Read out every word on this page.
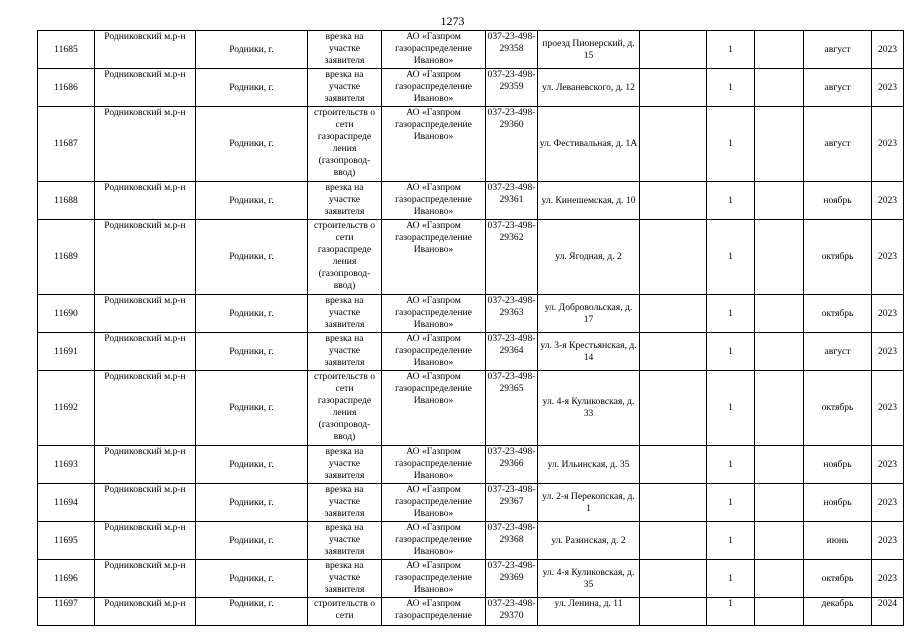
1273
11685	Родниковский м.р-н	Родники, г.	врезка на участке заявителя	АО «Газпром газораспределение Иваново»	037-23-498-29358	проезд Пионерский, д. 15		1		август	2023
11686	Родниковский м.р-н	Родники, г.	врезка на участке заявителя	АО «Газпром газораспределение Иваново»	037-23-498-29359	ул. Леваневского, д. 12		1		август	2023
11687	Родниковский м.р-н	Родники, г.	строительств о сети газораспреде ления (газопровод-ввод)	АО «Газпром газораспределение Иваново»	037-23-498-29360	ул. Фестивальная, д. 1А		1		август	2023
11688	Родниковский м.р-н	Родники, г.	врезка на участке заявителя	АО «Газпром газораспределение Иваново»	037-23-498-29361	ул. Кинешемская, д. 10		1		ноябрь	2023
11689	Родниковский м.р-н	Родники, г.	строительств о сети газораспреде ления (газопровод-ввод)	АО «Газпром газораспределение Иваново»	037-23-498-29362	ул. Ягодная, д. 2		1		октябрь	2023
11690	Родниковский м.р-н	Родники, г.	врезка на участке заявителя	АО «Газпром газораспределение Иваново»	037-23-498-29363	ул. Добровольская, д. 17		1		октябрь	2023
11691	Родниковский м.р-н	Родники, г.	врезка на участке заявителя	АО «Газпром газораспределение Иваново»	037-23-498-29364	ул. 3-я Крестьянская, д. 14		1		август	2023
11692	Родниковский м.р-н	Родники, г.	строительств о сети газораспреде ления (газопровод-ввод)	АО «Газпром газораспределение Иваново»	037-23-498-29365	ул. 4-я Куликовская, д. 33		1		октябрь	2023
11693	Родниковский м.р-н	Родники, г.	врезка на участке заявителя	АО «Газпром газораспределение Иваново»	037-23-498-29366	ул. Ильинская, д. 35		1		ноябрь	2023
11694	Родниковский м.р-н	Родники, г.	врезка на участке заявителя	АО «Газпром газораспределение Иваново»	037-23-498-29367	ул. 2-я Перекопская, д. 1		1		ноябрь	2023
11695	Родниковский м.р-н	Родники, г.	врезка на участке заявителя	АО «Газпром газораспределение Иваново»	037-23-498-29368	ул. Разинская, д. 2		1		июнь	2023
11696	Родниковский м.р-н	Родники, г.	врезка на участке заявителя	АО «Газпром газораспределение Иваново»	037-23-498-29369	ул. 4-я Куликовская, д. 35		1		октябрь	2023
11697	Родниковский м.р-н	Родники, г.	строительств о сети	АО «Газпром газораспределение	037-23-498-29370	ул. Ленина, д. 11		1		декабрь	2024
